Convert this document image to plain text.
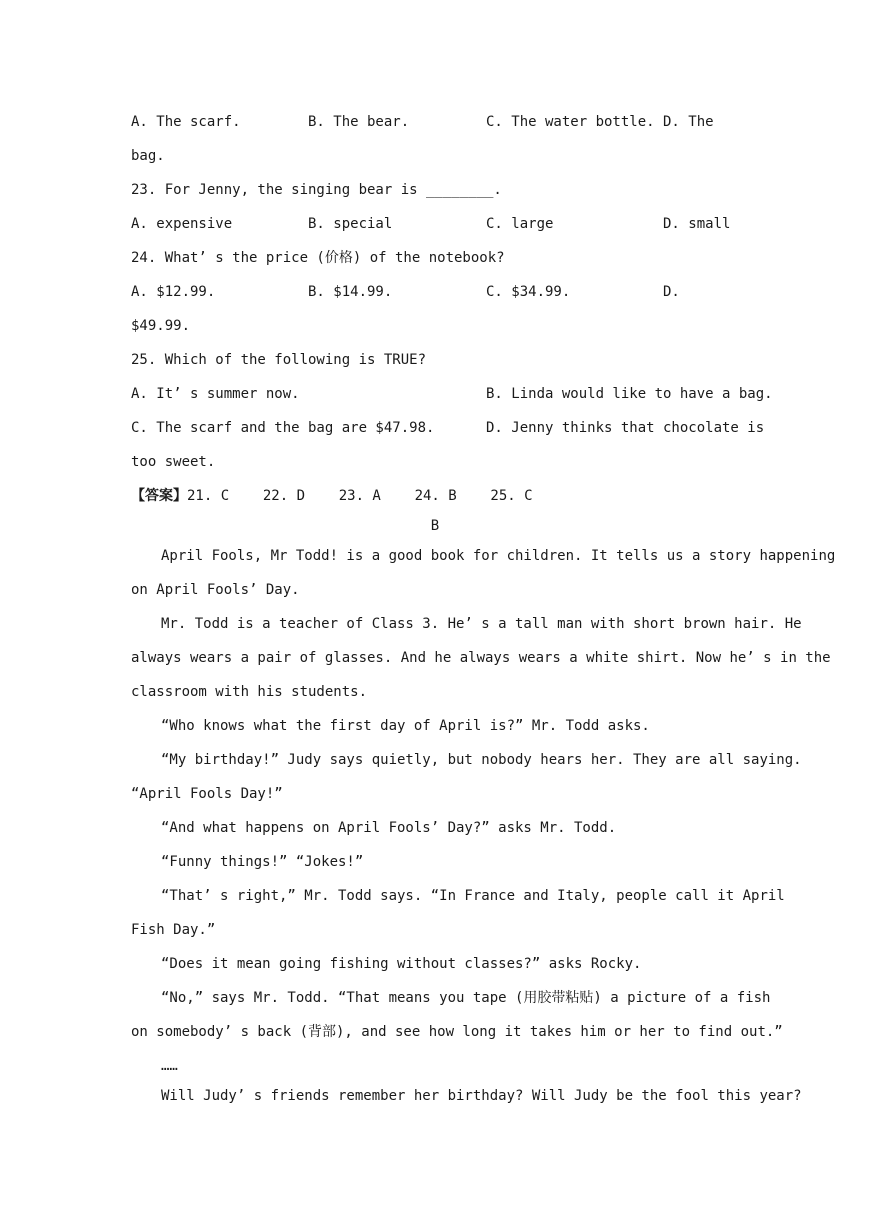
A. The scarf.	B. The bear.	C. The water bottle. D. The
bag.
23. For Jenny, the singing bear is ________.
A. expensive	B. special	C. large	D. small
24. What’ s the price (价格) of the notebook?
A. $12.99.	B. $14.99.	C. $34.99.	D.
$49.99.
25. Which of the following is TRUE?
A. It’ s summer now.	B. Linda would like to have a bag.
C. The scarf and the bag are $47.98.	D. Jenny thinks that chocolate is
too sweet.
【答案】21. C    22. D    23. A    24. B    25. C
B
April Fools, Mr Todd! is a good book for children. It tells us a story happening
on April Fools’ Day.
Mr. Todd is a teacher of Class 3. He’ s a tall man with short brown hair. He
always wears a pair of glasses. And he always wears a white shirt. Now he’ s in the
classroom with his students.
“Who knows what the first day of April is?” Mr. Todd asks.
“My birthday!” Judy says quietly, but nobody hears her. They are all saying.
“April Fools Day!”
“And what happens on April Fools’ Day?” asks Mr. Todd.
“Funny things!” “Jokes!”
“That’ s right,” Mr. Todd says. “In France and Italy, people call it April
Fish Day.”
“Does it mean going fishing without classes?” asks Rocky.
“No,” says Mr. Todd. “That means you tape (用胶带粘贴) a picture of a fish
on somebody’ s back (背部), and see how long it takes him or her to find out.”
……
Will Judy’ s friends remember her birthday? Will Judy be the fool this year?
